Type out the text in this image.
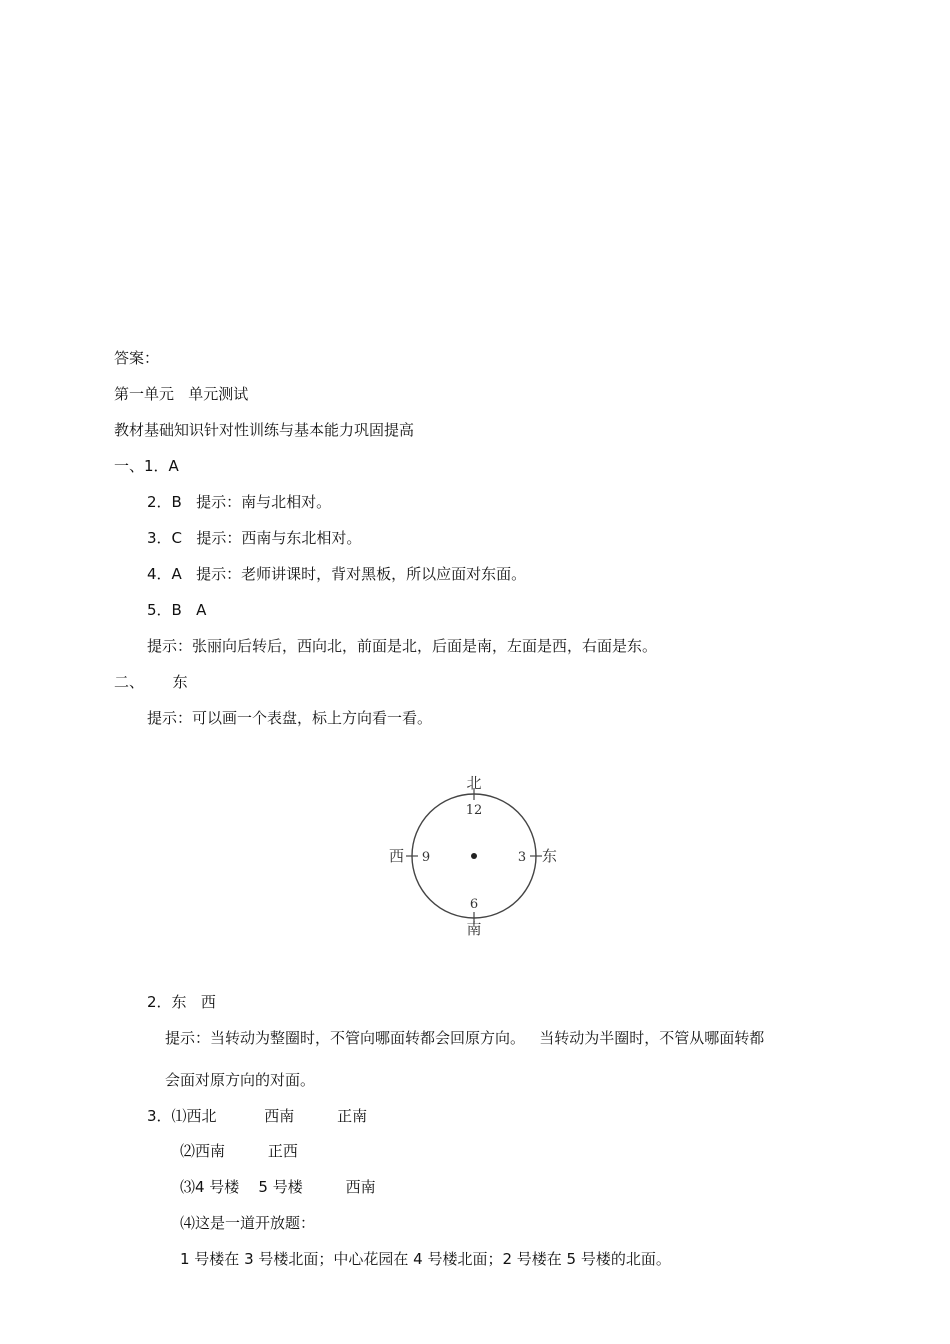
答案：
第一单元   单元测试
教材基础知识针对性训练与基本能力巩固提高
一、1．A
2．B   提示：南与北相对。
3．C   提示：西南与东北相对。
4．A   提示：老师讲课时，背对黑板，所以应面对东面。
5．B   A
提示：张丽向后转后，西向北，前面是北，后面是南，左面是西，右面是东。
二、      东
提示：可以画一个表盘，标上方向看一看。
北
12
6
南
西 9	3 东
2．东   西
提示：当转动为整圈时，不管向哪面转都会回原方向。   当转动为半圈时，不管从哪面转都
会面对原方向的对面。
3．⑴西北          西南         正南
⑵西南         正西
⑶4 号楼    5 号楼         西南
⑷这是一道开放题：
1 号楼在 3 号楼北面；中心花园在 4 号楼北面；2 号楼在 5 号楼的北面。
